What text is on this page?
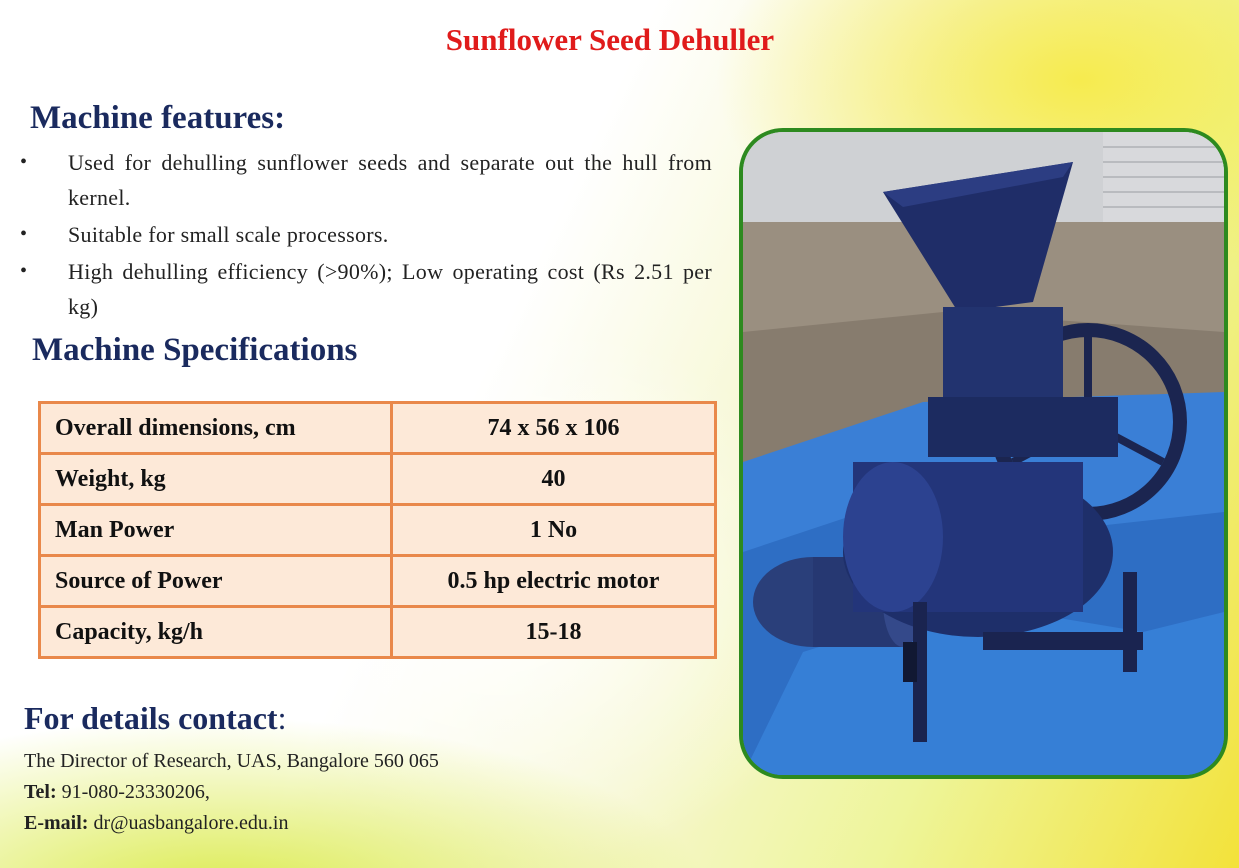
Sunflower Seed Dehuller
Machine features:
• Used for dehulling sunflower seeds and separate out the hull from kernel.
• Suitable for small scale processors.
• High dehulling efficiency (>90%); Low operating cost (Rs 2.51 per kg)
Machine Specifications
Overall dimensions, cm	74 x 56 x 106
Weight, kg	40
Man Power	1 No
Source of Power	0.5 hp electric motor
Capacity, kg/h	15-18
For details contact:
The Director of Research, UAS, Bangalore 560 065
Tel: 91-080-23330206,
E-mail: dr@uasbangalore.edu.in
